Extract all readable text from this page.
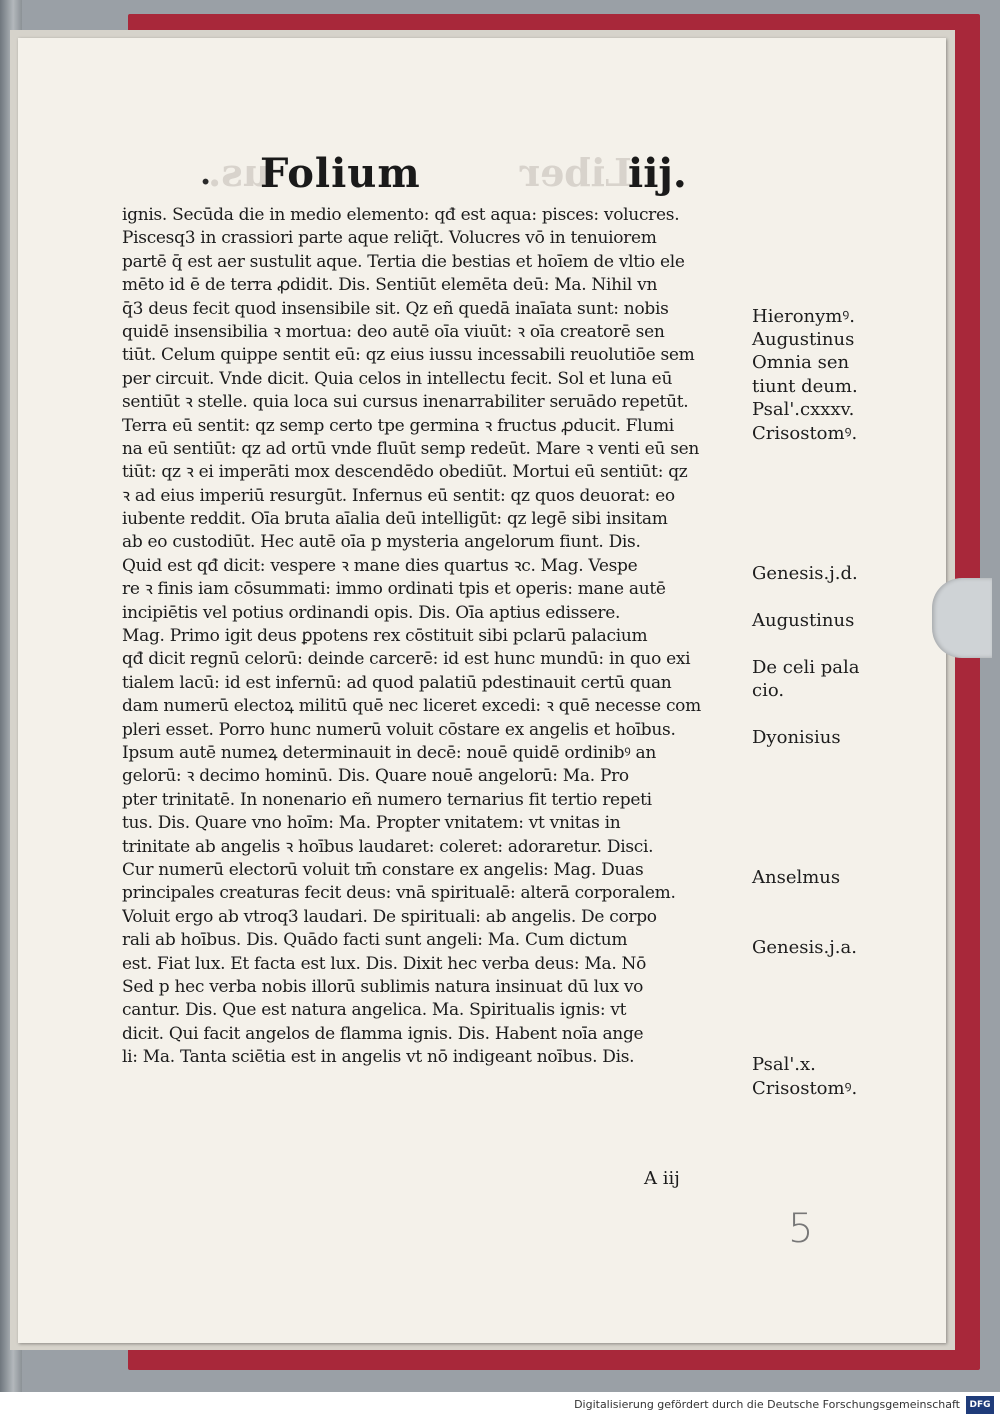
us.	Liber
. Folium	iij.
ignis. Secūda die in medio elemento: qđ est aqua: pisces: volucres.
Piscesq3 in crassiori parte aque reliq̄t. Volucres vō in tenuiorem
partē q̄ est aer sustulit aque. Tertia die bestias et hoīem de vltio ele
mēto id ē de terra ꝓdidit. Dis. Sentiūt elemēta deū: Ma. Nihil vn
q̄3 deus fecit quod insensibile sit. Qz eñ quedā inaīata sunt: nobis
quidē insensibilia ꝛ mortua: deo autē oīa viuūt: ꝛ oīa creatorē sen
tiūt. Celum quippe sentit eū: qz eius iussu incessabili reuolutiōe sem
per circuit. Vnde dicit. Quia celos in intellectu fecit. Sol et luna eū
sentiūt ꝛ stelle. quia loca sui cursus inenarrabiliter seruādo repetūt.
Terra eū sentit: qz semp certo tpe germina ꝛ fructus ꝓducit. Flumi
na eū sentiūt: qz ad ortū vnde fluūt semp redeūt. Mare ꝛ venti eū sen
tiūt: qz ꝛ ei imperāti mox descendēdo obediūt. Mortui eū sentiūt: qz
ꝛ ad eius imperiū resurgūt. Infernus eū sentit: qz quos deuorat: eo
iubente reddit. Oīa bruta aīalia deū intelligūt: qz legē sibi insitam
ab eo custodiūt. Hec autē oīa p mysteria angelorum fiunt. Dis.
Quid est qđ dicit: vespere ꝛ mane dies quartus ꝛc. Mag. Vespe
re ꝛ finis iam cōsummati: immo ordinati tpis et operis: mane autē
incipiētis vel potius ordinandi opis. Dis. Oīa aptius edissere.
Mag. Primo igit deus ꝑpotens rex cōstituit sibi pclarū palacium
qđ dicit regnū celorū: deinde carcerē: id est hunc mundū: in quo exi
tialem lacū: id est infernū: ad quod palatiū pdestinauit certū quan
dam numerū electoꝝ militū quē nec liceret excedi: ꝛ quē necesse com
pleri esset. Porro hunc numerū voluit cōstare ex angelis et hoībus.
Ipsum autē numeꝝ determinauit in decē: nouē quidē ordinibꝰ an
gelorū: ꝛ decimo hominū. Dis. Quare nouē angelorū: Ma. Pro
pter trinitatē. In nonenario eñ numero ternarius fit tertio repeti
tus. Dis. Quare vno hoīm: Ma. Propter vnitatem: vt vnitas in
trinitate ab angelis ꝛ hoībus laudaret: coleret: adoraretur. Disci.
Cur numerū electorū voluit tm̄ constare ex angelis: Mag. Duas
principales creaturas fecit deus: vnā spiritualē: alterā corporalem.
Voluit ergo ab vtroq3 laudari. De spirituali: ab angelis. De corpo
rali ab hoībus. Dis. Quādo facti sunt angeli: Ma. Cum dictum
est. Fiat lux. Et facta est lux. Dis. Dixit hec verba deus: Ma. Nō
Sed p hec verba nobis illorū sublimis natura insinuat dū lux vo
cantur. Dis. Que est natura angelica. Ma. Spiritualis ignis: vt
dicit. Qui facit angelos de flamma ignis. Dis. Habent noīa ange
li: Ma. Tanta sciētia est in angelis vt nō indigeant noībus. Dis.
Hieronymꝰ.
Augustinus
Omnia sen
tiunt deum.
Psal'.cxxxv.
Crisostomꝰ.
Genesis.j.d.
Augustinus
De celi pala
cio.
Dyonisius
Anselmus
Genesis.j.a.
Psal'.x.
Crisostomꝰ.
A iij
5
Digitalisierung gefördert durch die Deutsche Forschungsgemeinschaft	DFG
